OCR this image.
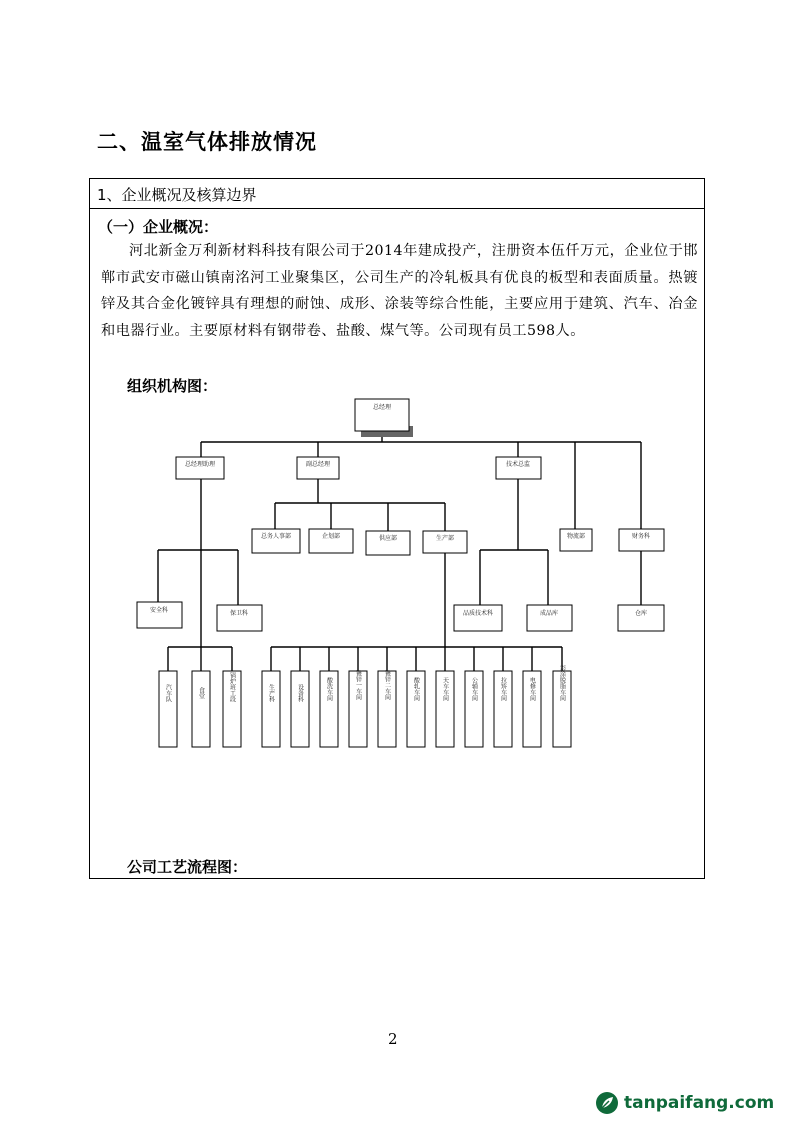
二、温室气体排放情况
1、企业概况及核算边界
（一）企业概况：
河北新金万利新材料科技有限公司于2014年建成投产，注册资本伍仟万元，企业位于邯郸市武安市磁山镇南洺河工业聚集区，公司生产的冷轧板具有优良的板型和表面质量。热镀锌及其合金化镀锌具有理想的耐蚀、成形、涂装等综合性能，主要应用于建筑、汽车、冶金和电器行业。主要原材料有钢带卷、盐酸、煤气等。公司现有员工598人。
组织机构图：
总经理
总经理助理	副总经理	技术总监
物流部	财务科
总务人事部	企划部	供应部	生产部
安全科	保卫科	品质技术科	成品库	仓库
汽车队	食堂	锅炉班工段	生产科	设备科	酸洗车间	镀锌一车间	镀锌二车间	酸轧车间	天车车间	公辅车间	拉矫车间	电修车间	彩涂脱脂车间
公司工艺流程图：
2
tanpaifang.com
